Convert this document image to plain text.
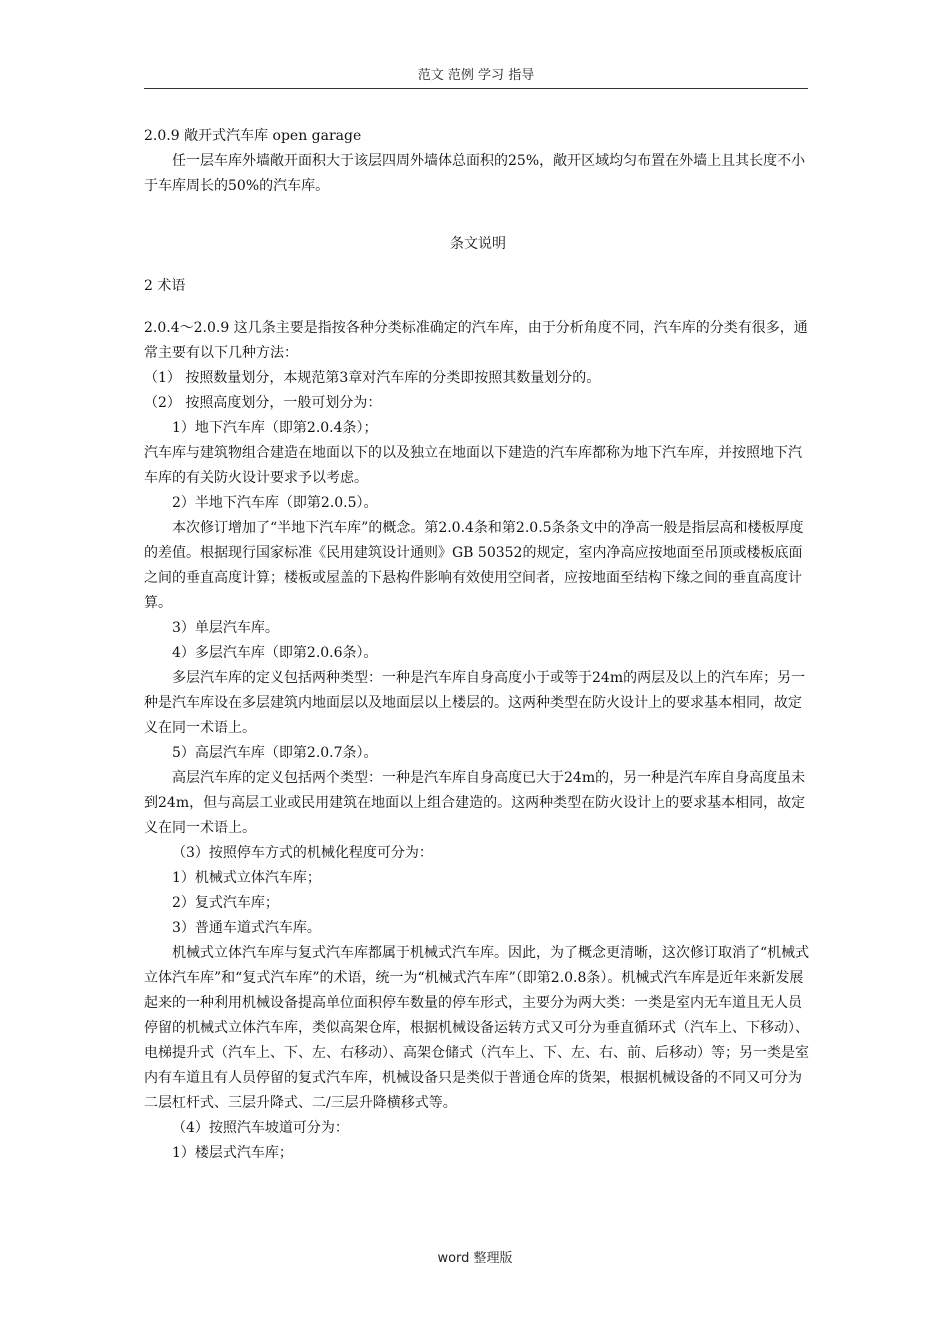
范文 范例 学习 指导

2.0.9 敞开式汽车库 open garage

任一层车库外墙敞开面积大于该层四周外墙体总面积的25%，敞开区域均匀布置在外墙上且其长度不小于车库周长的50%的汽车库。

条文说明

2 术语

2.0.4～2.0.9 这几条主要是指按各种分类标准确定的汽车库，由于分析角度不同，汽车库的分类有很多，通常主要有以下几种方法：

（1） 按照数量划分，本规范第3章对汽车库的分类即按照其数量划分的。

（2） 按照高度划分，一般可划分为：

1）地下汽车库（即第2.0.4条）；

汽车库与建筑物组合建造在地面以下的以及独立在地面以下建造的汽车库都称为地下汽车库，并按照地下汽车库的有关防火设计要求予以考虑。

2）半地下汽车库（即第2.0.5）。

本次修订增加了“半地下汽车库”的概念。第2.0.4条和第2.0.5条条文中的净高一般是指层高和楼板厚度的差值。根据现行国家标准《民用建筑设计通则》GB 50352的规定，室内净高应按地面至吊顶或楼板底面之间的垂直高度计算；楼板或屋盖的下悬构件影响有效使用空间者，应按地面至结构下缘之间的垂直高度计算。

3）单层汽车库。

4）多层汽车库（即第2.0.6条）。

多层汽车库的定义包括两种类型：一种是汽车库自身高度小于或等于24m的两层及以上的汽车库；另一种是汽车库设在多层建筑内地面层以及地面层以上楼层的。这两种类型在防火设计上的要求基本相同，故定义在同一术语上。

5）高层汽车库（即第2.0.7条）。

高层汽车库的定义包括两个类型：一种是汽车库自身高度已大于24m的，另一种是汽车库自身高度虽未到24m，但与高层工业或民用建筑在地面以上组合建造的。这两种类型在防火设计上的要求基本相同，故定义在同一术语上。

（3）按照停车方式的机械化程度可分为：

1）机械式立体汽车库；

2）复式汽车库；

3）普通车道式汽车库。

机械式立体汽车库与复式汽车库都属于机械式汽车库。因此，为了概念更清晰，这次修订取消了“机械式立体汽车库”和“复式汽车库”的术语，统一为“机械式汽车库”（即第2.0.8条）。机械式汽车库是近年来新发展起来的一种利用机械设备提高单位面积停车数量的停车形式，主要分为两大类：一类是室内无车道且无人员停留的机械式立体汽车库，类似高架仓库，根据机械设备运转方式又可分为垂直循环式（汽车上、下移动）、电梯提升式（汽车上、下、左、右移动）、高架仓储式（汽车上、下、左、右、前、后移动）等；另一类是室内有车道且有人员停留的复式汽车库，机械设备只是类似于普通仓库的货架，根据机械设备的不同又可分为二层杠杆式、三层升降式、二/三层升降横移式等。

（4）按照汽车坡道可分为：

1）楼层式汽车库；

word 整理版
